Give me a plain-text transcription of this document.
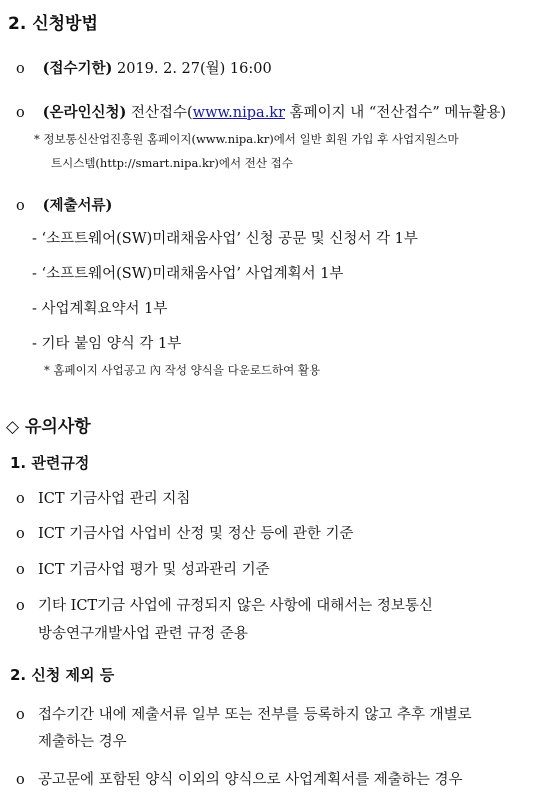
2. 신청방법
o (접수기한) 2019. 2. 27(월) 16:00
o (온라인신청) 전산접수(www.nipa.kr 홈페이지 내 “전산접수” 메뉴활용)
* 정보통신산업진흥원 홈페이지(www.nipa.kr)에서 일반 회원 가입 후 사업지원스마
트시스템(http://smart.nipa.kr)에서 전산 접수
o (제출서류)
- ‘소프트웨어(SW)미래채움사업’ 신청 공문 및 신청서 각 1부
- ‘소프트웨어(SW)미래채움사업’ 사업계획서 1부
- 사업계획요약서 1부
- 기타 붙임 양식 각 1부
* 홈페이지 사업공고 內 작성 양식을 다운로드하여 활용
◇ 유의사항
1. 관련규정
o ICT 기금사업 관리 지침
o ICT 기금사업 사업비 산정 및 정산 등에 관한 기준
o ICT 기금사업 평가 및 성과관리 기준
o 기타 ICT기금 사업에 규정되지 않은 사항에 대해서는 정보통신
방송연구개발사업 관련 규정 준용
2. 신청 제외 등
o 접수기간 내에 제출서류 일부 또는 전부를 등록하지 않고 추후 개별로
제출하는 경우
o 공고문에 포함된 양식 이외의 양식으로 사업계획서를 제출하는 경우
